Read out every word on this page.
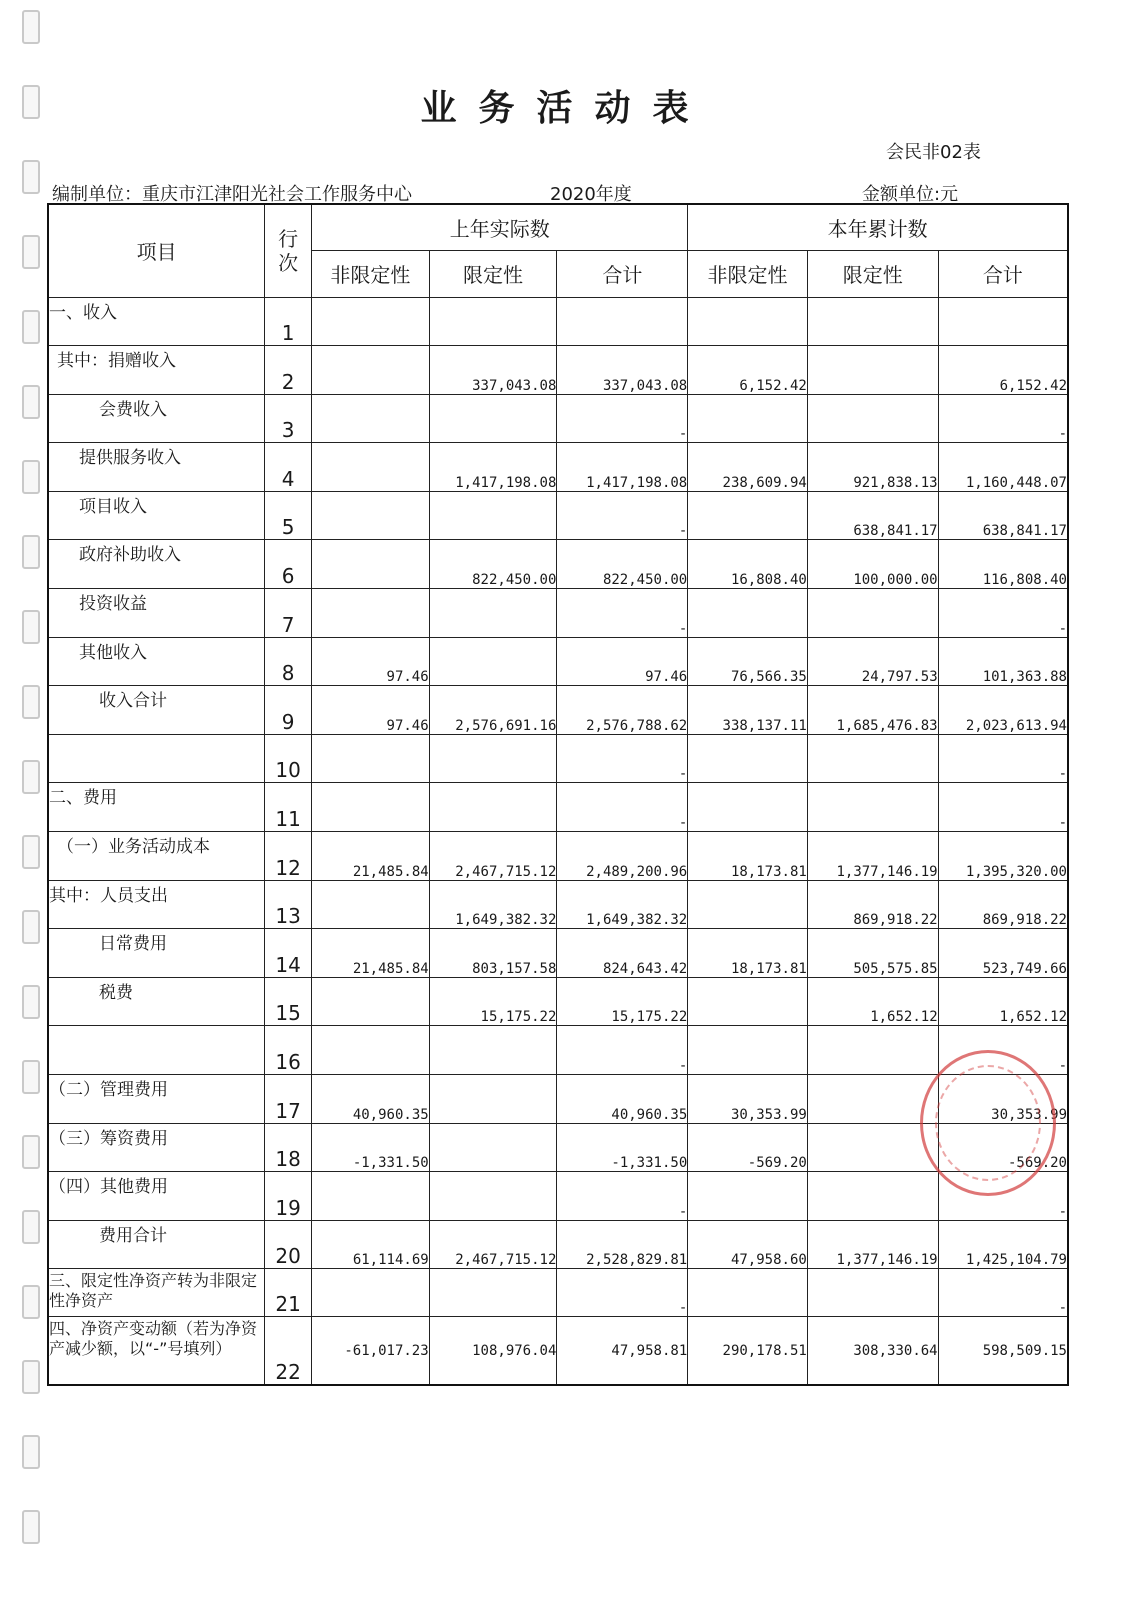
业务活动表
会民非02表
编制单位：重庆市江津阳光社会工作服务中心	2020年度	金额单位:元
项目	行次	上年实际数			本年累计数		
		非限定性	限定性	合计	非限定性	限定性	合计
一、收入	1						
其中：捐赠收入	2		337,043.08	337,043.08	6,152.42		6,152.42
会费收入	3			-			-
提供服务收入	4		1,417,198.08	1,417,198.08	238,609.94	921,838.13	1,160,448.07
项目收入	5			-		638,841.17	638,841.17
政府补助收入	6		822,450.00	822,450.00	16,808.40	100,000.00	116,808.40
投资收益	7			-			-
其他收入	8	97.46		97.46	76,566.35	24,797.53	101,363.88
收入合计	9	97.46	2,576,691.16	2,576,788.62	338,137.11	1,685,476.83	2,023,613.94
	10			-			-
二、费用	11			-			-
（一）业务活动成本	12	21,485.84	2,467,715.12	2,489,200.96	18,173.81	1,377,146.19	1,395,320.00
其中：人员支出	13		1,649,382.32	1,649,382.32		869,918.22	869,918.22
日常费用	14	21,485.84	803,157.58	824,643.42	18,173.81	505,575.85	523,749.66
税费	15		15,175.22	15,175.22		1,652.12	1,652.12
	16			-			-
（二）管理费用	17	40,960.35		40,960.35	30,353.99		30,353.99
（三）筹资费用	18	-1,331.50		-1,331.50	-569.20		-569.20
（四）其他费用	19			-			-
费用合计	20	61,114.69	2,467,715.12	2,528,829.81	47,958.60	1,377,146.19	1,425,104.79
三、限定性净资产转为非限定性净资产	21			-			-
四、净资产变动额（若为净资产减少额，以“-”号填列）	22	-61,017.23	108,976.04	47,958.81	290,178.51	308,330.64	598,509.15
